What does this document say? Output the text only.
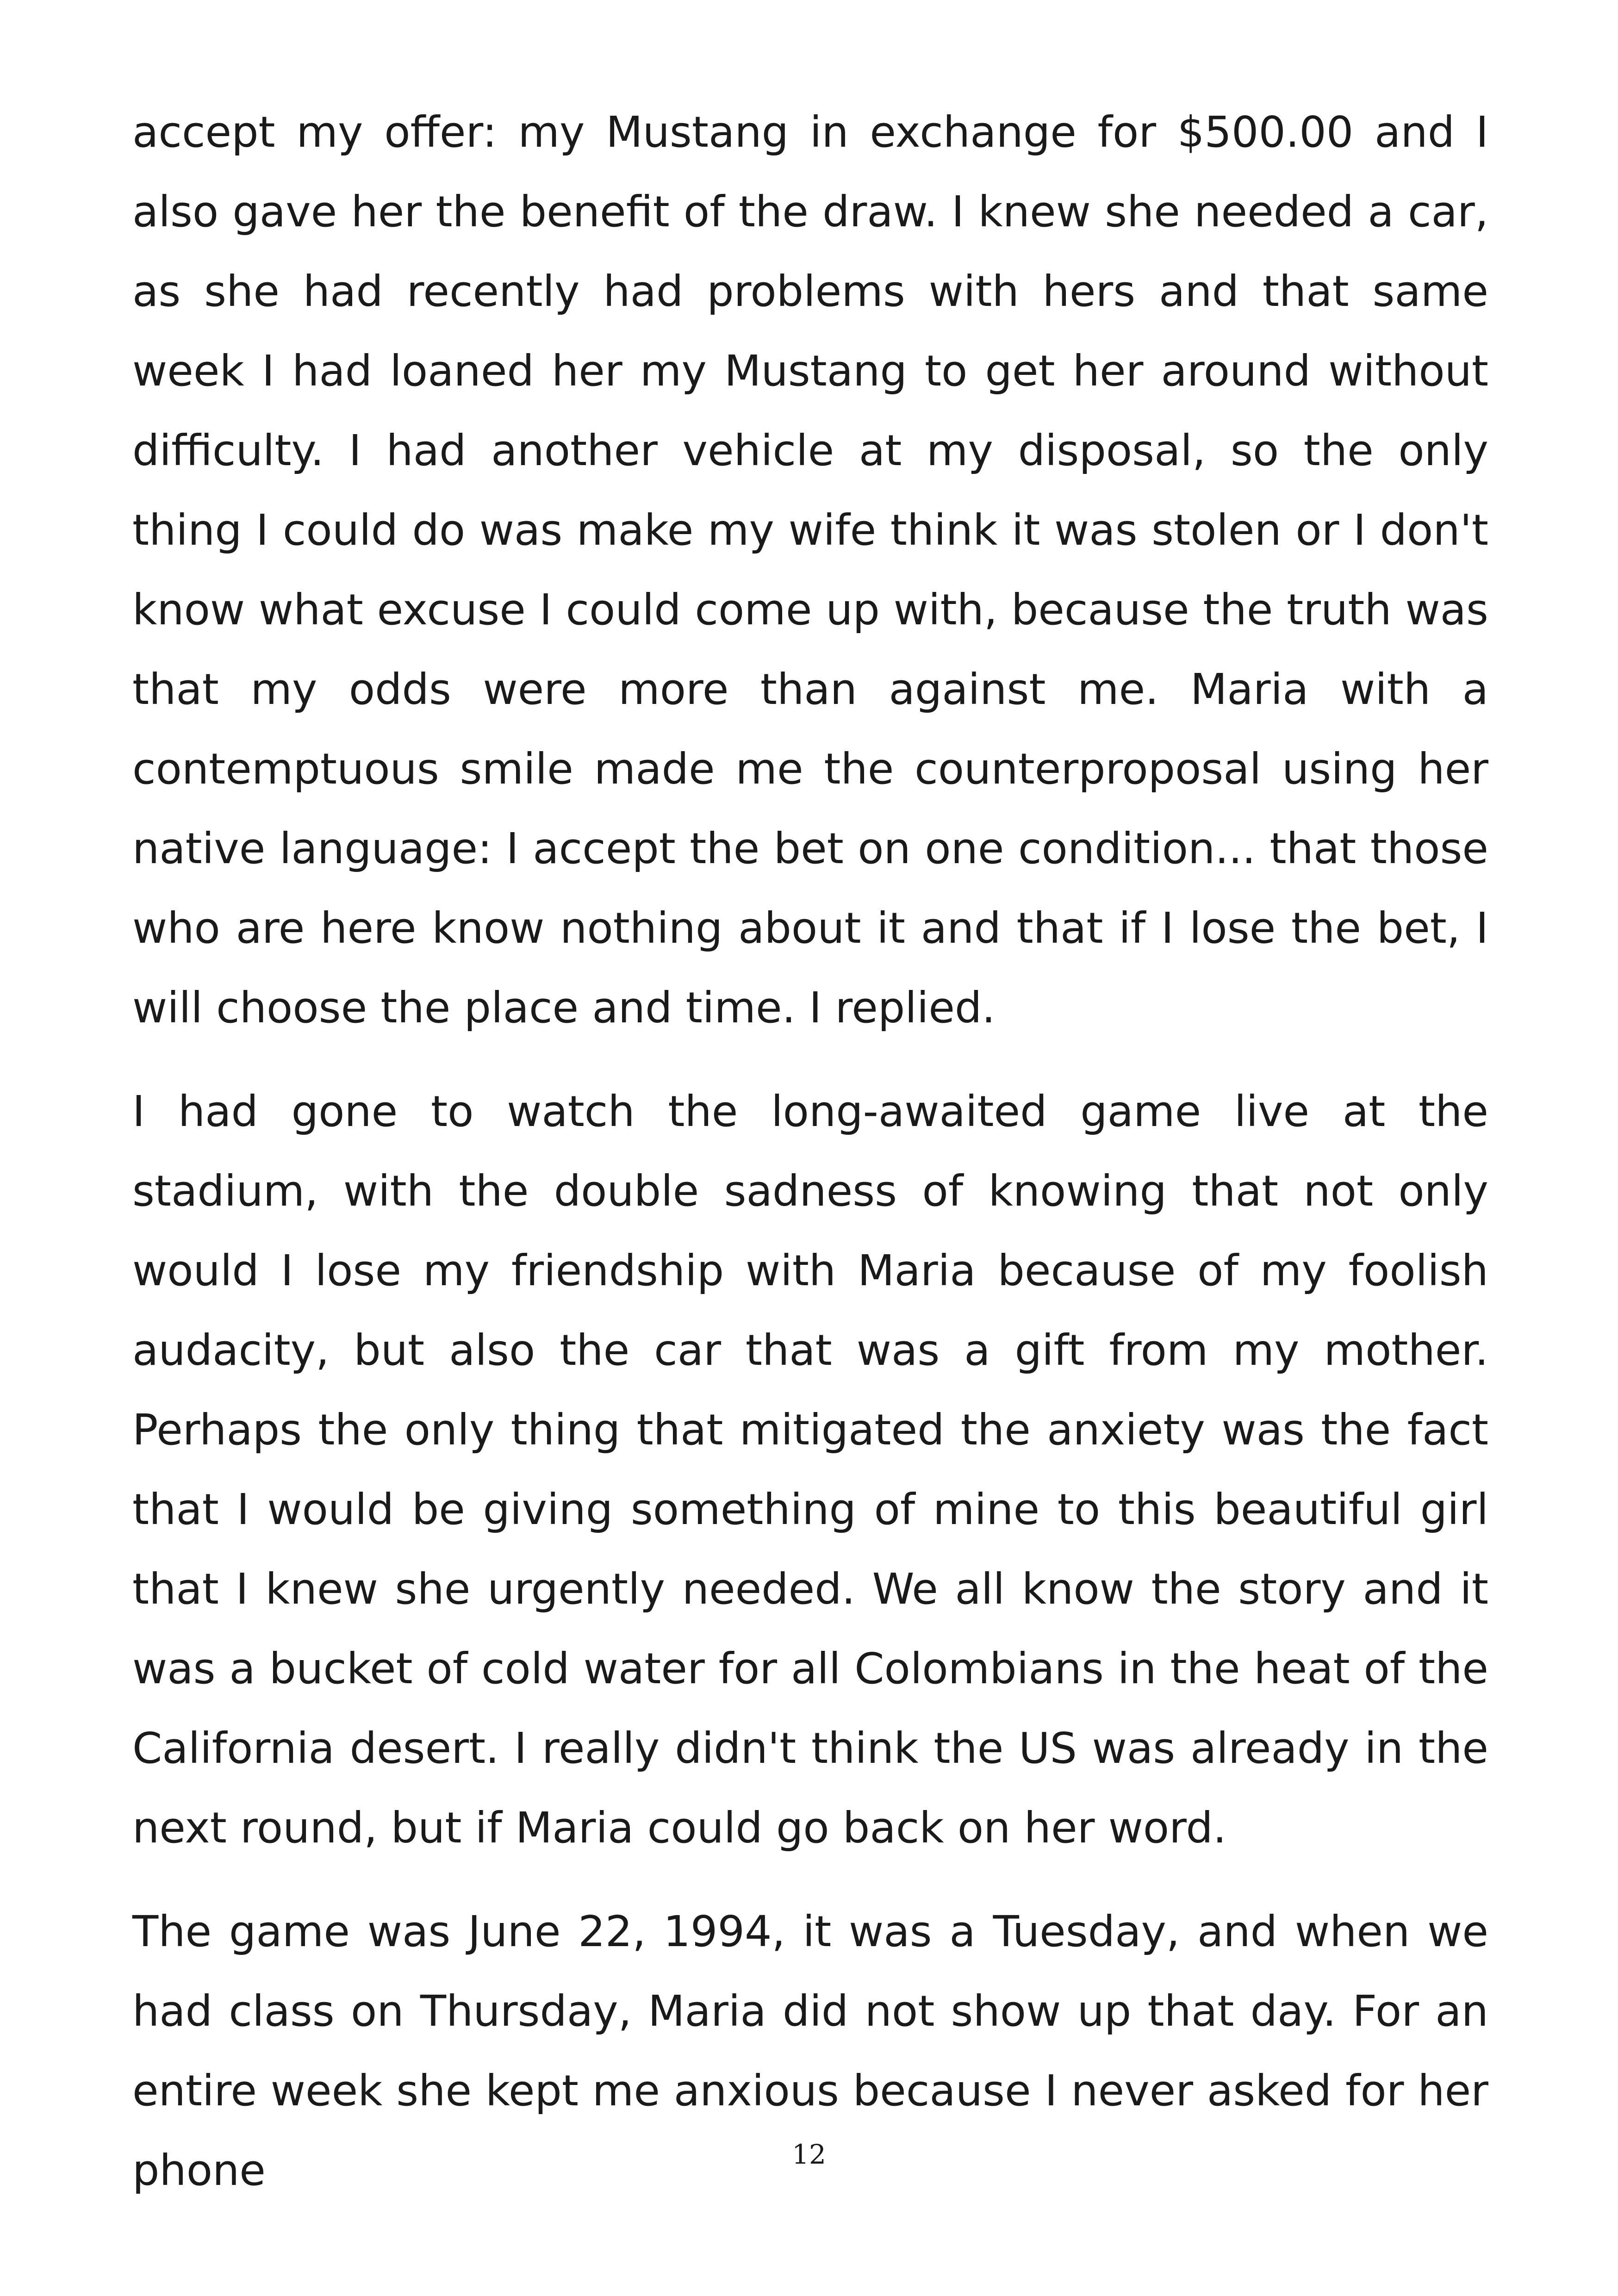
accept my offer: my Mustang in exchange for $500.00 and I also gave her the benefit of the draw. I knew she needed a car, as she had recently had problems with hers and that same week I had loaned her my Mustang to get her around without difficulty. I had another vehicle at my disposal, so the only thing I could do was make my wife think it was stolen or I don't know what excuse I could come up with, because the truth was that my odds were more than against me. Maria with a contemptuous smile made me the counterproposal using her native language: I accept the bet on one condition... that those who are here know nothing about it and that if I lose the bet, I will choose the place and time. I replied.

I had gone to watch the long-awaited game live at the stadium, with the double sadness of knowing that not only would I lose my friendship with Maria because of my foolish audacity, but also the car that was a gift from my mother. Perhaps the only thing that mitigated the anxiety was the fact that I would be giving something of mine to this beautiful girl that I knew she urgently needed. We all know the story and it was a bucket of cold water for all Colombians in the heat of the California desert. I really didn't think the US was already in the next round, but if Maria could go back on her word.

The game was June 22, 1994, it was a Tuesday, and when we had class on Thursday, Maria did not show up that day. For an entire week she kept me anxious because I never asked for her phone	12
